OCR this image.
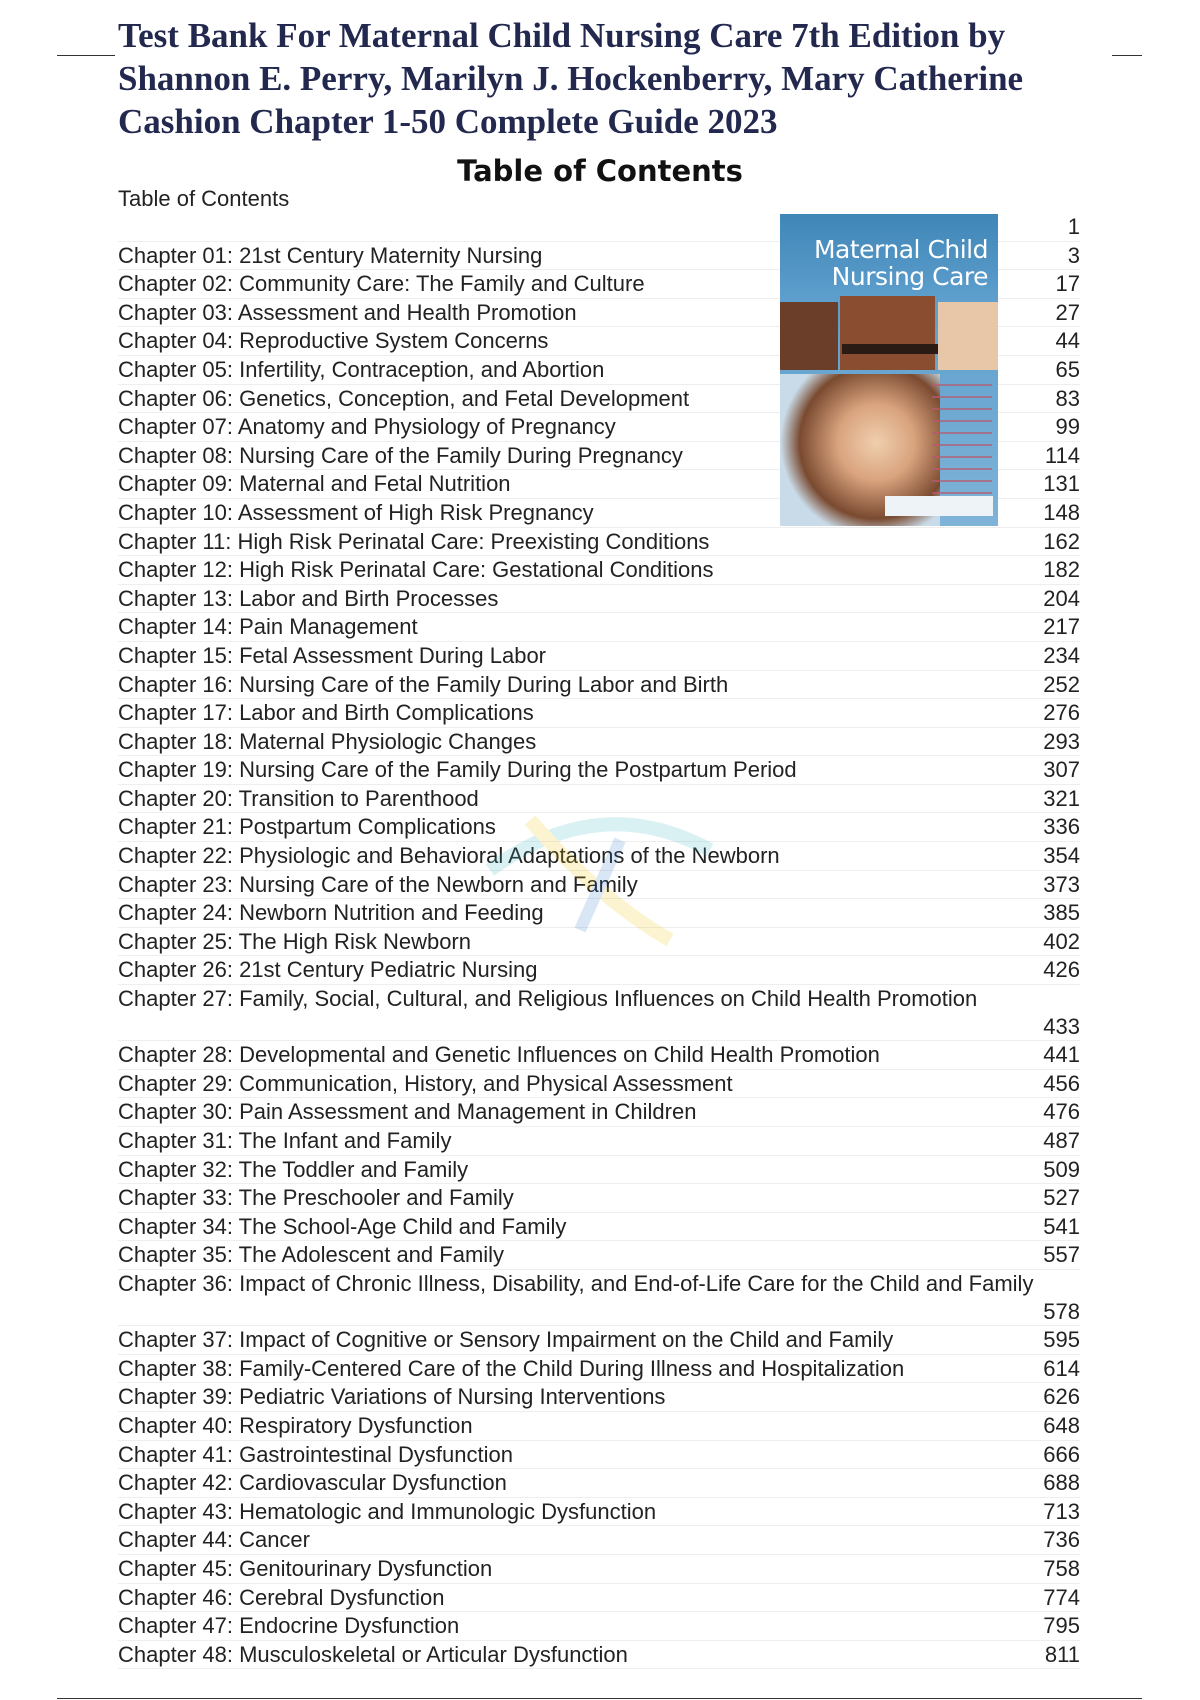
Test Bank For Maternal Child Nursing Care 7th Edition by Shannon E. Perry, Marilyn J. Hockenberry, Mary Catherine Cashion Chapter 1-50 Complete Guide 2023
Table of Contents
Table of Contents
1
Chapter 01: 21st Century Maternity Nursing	3
Chapter 02: Community Care: The Family and Culture	17
Chapter 03: Assessment and Health Promotion	27
Chapter 04: Reproductive System Concerns	44
Chapter 05: Infertility, Contraception, and Abortion	65
Chapter 06: Genetics, Conception, and Fetal Development	83
Chapter 07: Anatomy and Physiology of Pregnancy	99
Chapter 08: Nursing Care of the Family During Pregnancy	114
Chapter 09: Maternal and Fetal Nutrition	131
Chapter 10: Assessment of High Risk Pregnancy	148
Chapter 11: High Risk Perinatal Care: Preexisting Conditions	162
Chapter 12: High Risk Perinatal Care: Gestational Conditions	182
Chapter 13: Labor and Birth Processes	204
Chapter 14: Pain Management	217
Chapter 15: Fetal Assessment During Labor	234
Chapter 16: Nursing Care of the Family During Labor and Birth	252
Chapter 17: Labor and Birth Complications	276
Chapter 18: Maternal Physiologic Changes	293
Chapter 19: Nursing Care of the Family During the Postpartum Period	307
Chapter 20: Transition to Parenthood	321
Chapter 21: Postpartum Complications	336
Chapter 22: Physiologic and Behavioral Adaptations of the Newborn	354
Chapter 23: Nursing Care of the Newborn and Family	373
Chapter 24: Newborn Nutrition and Feeding	385
Chapter 25: The High Risk Newborn	402
Chapter 26: 21st Century Pediatric Nursing	426
Chapter 27: Family, Social, Cultural, and Religious Influences on Child Health Promotion
433
Chapter 28: Developmental and Genetic Influences on Child Health Promotion	441
Chapter 29: Communication, History, and Physical Assessment	456
Chapter 30: Pain Assessment and Management in Children	476
Chapter 31: The Infant and Family	487
Chapter 32: The Toddler and Family	509
Chapter 33: The Preschooler and Family	527
Chapter 34: The School-Age Child and Family	541
Chapter 35: The Adolescent and Family	557
Chapter 36: Impact of Chronic Illness, Disability, and End-of-Life Care for the Child and Family
578
Chapter 37: Impact of Cognitive or Sensory Impairment on the Child and Family	595
Chapter 38: Family-Centered Care of the Child During Illness and Hospitalization	614
Chapter 39: Pediatric Variations of Nursing Interventions	626
Chapter 40: Respiratory Dysfunction	648
Chapter 41: Gastrointestinal Dysfunction	666
Chapter 42: Cardiovascular Dysfunction	688
Chapter 43: Hematologic and Immunologic Dysfunction	713
Chapter 44: Cancer	736
Chapter 45: Genitourinary Dysfunction	758
Chapter 46: Cerebral Dysfunction	774
Chapter 47: Endocrine Dysfunction	795
Chapter 48: Musculoskeletal or Articular Dysfunction	811
Maternal Child
Nursing Care
